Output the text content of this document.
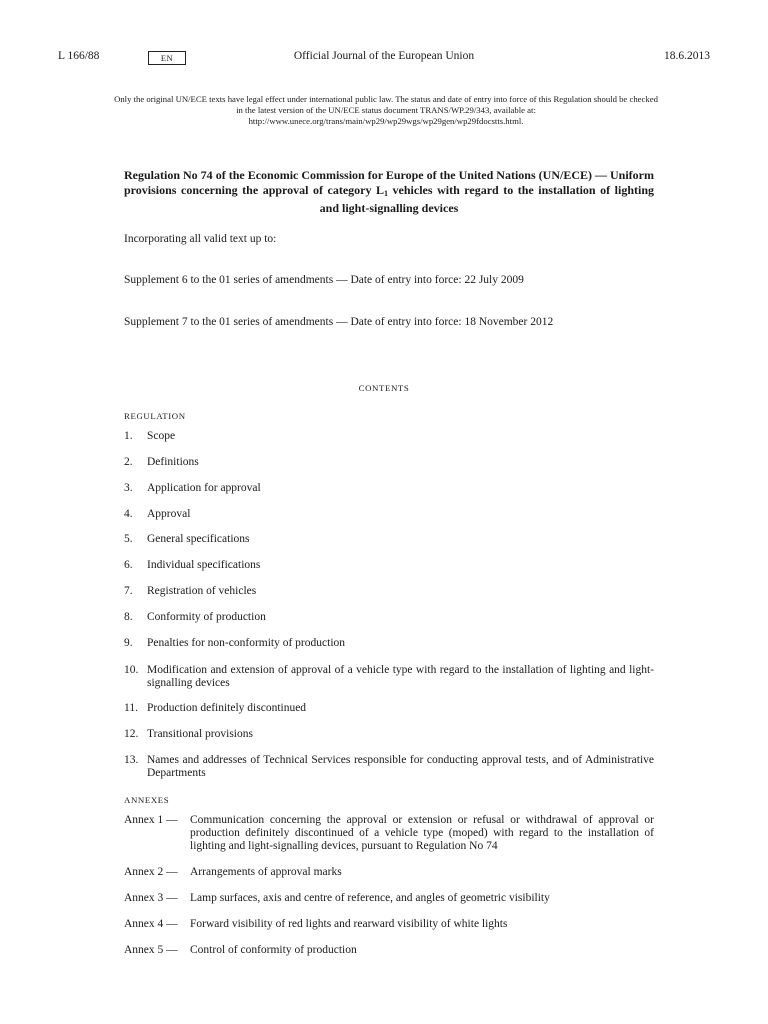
L 166/88	EN	Official Journal of the European Union	18.6.2013
Only the original UN/ECE texts have legal effect under international public law. The status and date of entry into force of this Regulation should be checked in the latest version of the UN/ECE status document TRANS/WP.29/343, available at: http://www.unece.org/trans/main/wp29/wp29wgs/wp29gen/wp29fdocstts.html.
Regulation No 74 of the Economic Commission for Europe of the United Nations (UN/ECE) — Uniform provisions concerning the approval of category $L_1$ vehicles with regard to the installation of lighting and light-signalling devices
Incorporating all valid text up to:
Supplement 6 to the 01 series of amendments — Date of entry into force: 22 July 2009
Supplement 7 to the 01 series of amendments — Date of entry into force: 18 November 2012
CONTENTS
REGULATION
1. Scope
2. Definitions
3. Application for approval
4. Approval
5. General specifications
6. Individual specifications
7. Registration of vehicles
8. Conformity of production
9. Penalties for non-conformity of production
10. Modification and extension of approval of a vehicle type with regard to the installation of lighting and light-signalling devices
11. Production definitely discontinued
12. Transitional provisions
13. Names and addresses of Technical Services responsible for conducting approval tests, and of Administrative Departments
ANNEXES
Annex 1 — Communication concerning the approval or extension or refusal or withdrawal of approval or production definitely discontinued of a vehicle type (moped) with regard to the installation of lighting and light-signalling devices, pursuant to Regulation No 74
Annex 2 — Arrangements of approval marks
Annex 3 — Lamp surfaces, axis and centre of reference, and angles of geometric visibility
Annex 4 — Forward visibility of red lights and rearward visibility of white lights
Annex 5 — Control of conformity of production
